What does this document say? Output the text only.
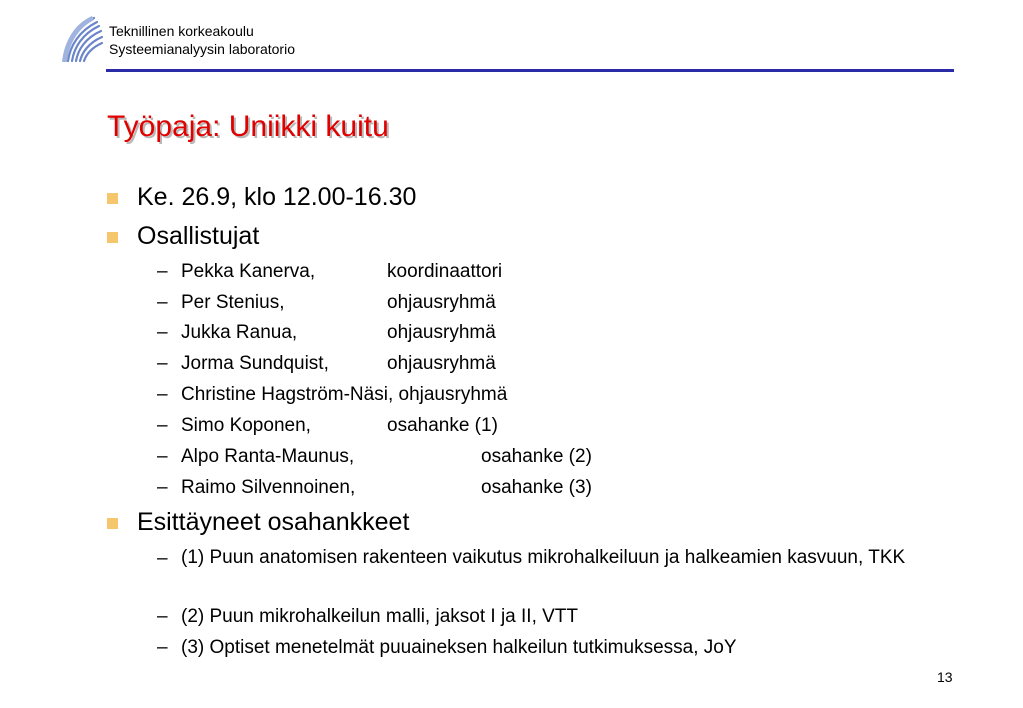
Teknillinen korkeakoulu
Systeemianalyysin laboratorio
Työpaja: Uniikki kuitu
Ke. 26.9, klo 12.00-16.30
Osallistujat
– Pekka Kanerva,	koordinaattori
– Per Stenius,	ohjausryhmä
– Jukka Ranua,	ohjausryhmä
– Jorma Sundquist,	ohjausryhmä
– Christine Hagström-Näsi, ohjausryhmä
– Simo Koponen,	osahanke (1)
– Alpo Ranta-Maunus,	osahanke (2)
– Raimo Silvennoinen,	osahanke (3)
Esittäyneet osahankkeet
– (1) Puun anatomisen rakenteen vaikutus mikrohalkeiluun ja halkeamien kasvuun, TKK
– (2) Puun mikrohalkeilun malli, jaksot I ja II, VTT
– (3) Optiset menetelmät puuaineksen halkeilun tutkimuksessa, JoY
13
